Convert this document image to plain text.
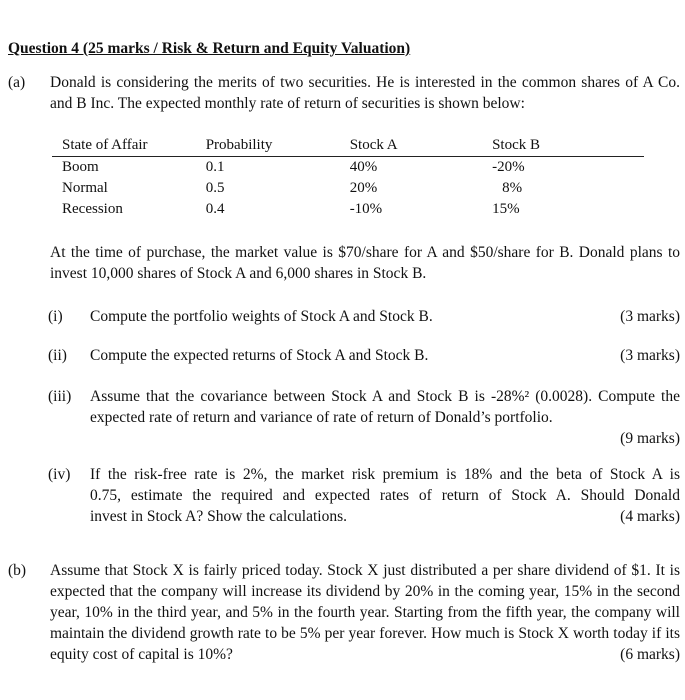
Question 4 (25 marks / Risk & Return and Equity Valuation)
(a) Donald is considering the merits of two securities. He is interested in the common shares of A Co. and B Inc. The expected monthly rate of return of securities is shown below:
State of Affair	Probability	Stock A	Stock B
Boom	0.1	40%	-20%
Normal	0.5	20%	8%
Recession	0.4	-10%	15%
At the time of purchase, the market value is $70/share for A and $50/share for B. Donald plans to invest 10,000 shares of Stock A and 6,000 shares in Stock B.
(i) Compute the portfolio weights of Stock A and Stock B.	(3 marks)
(ii) Compute the expected returns of Stock A and Stock B.	(3 marks)
(iii) Assume that the covariance between Stock A and Stock B is -28%² (0.0028). Compute the expected rate of return and variance of rate of return of Donald’s portfolio.
(9 marks)
(iv) If the risk-free rate is 2%, the market risk premium is 18% and the beta of Stock A is
0.75, estimate the required and expected rates of return of Stock A. Should Donald
invest in Stock A? Show the calculations.	(4 marks)
(b) Assume that Stock X is fairly priced today. Stock X just distributed a per share dividend of $1. It is expected that the company will increase its dividend by 20% in the coming year, 15% in the second year, 10% in the third year, and 5% in the fourth year. Starting from the fifth year, the company will maintain the dividend growth rate to be 5% per year forever. How much is Stock X worth today if its equity cost of capital is 10%?	(6 marks)
